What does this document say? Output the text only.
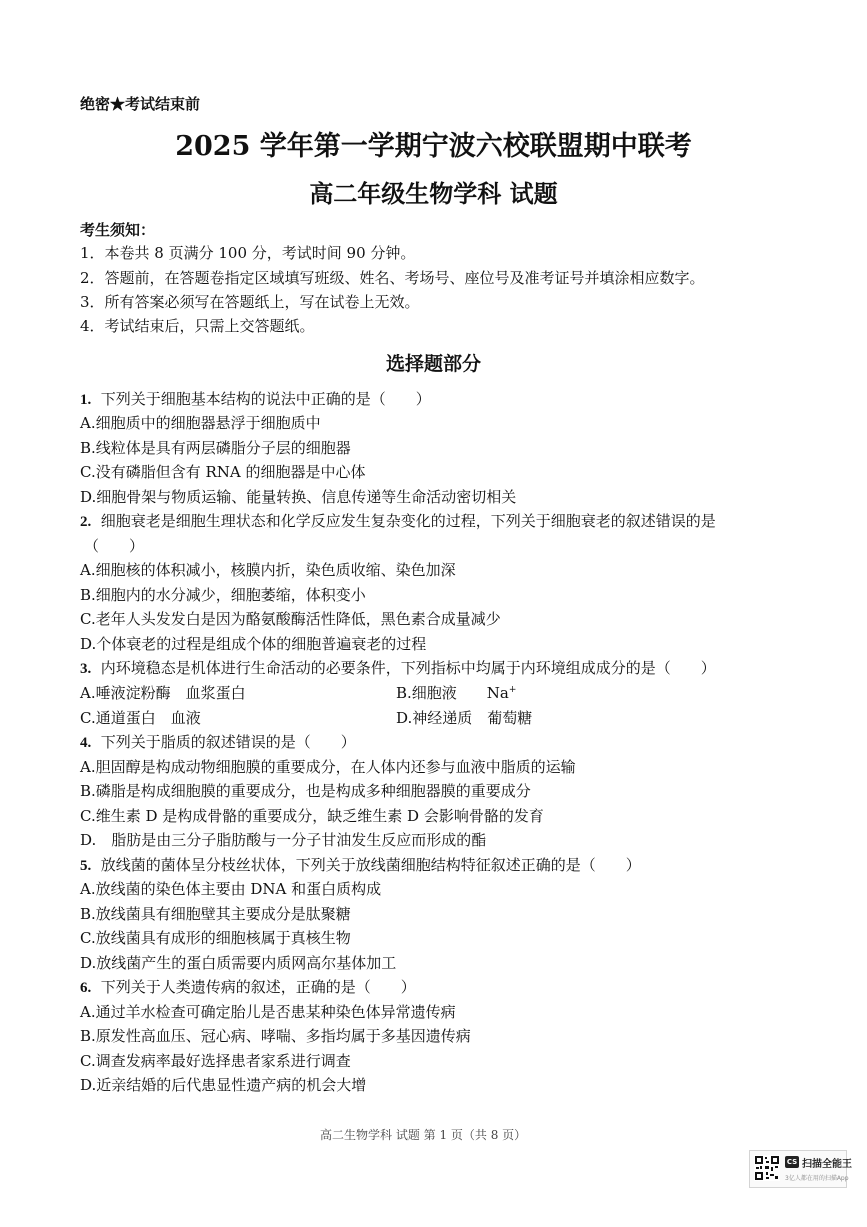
绝密★考试结束前
2025 学年第一学期宁波六校联盟期中联考
高二年级生物学科 试题
考生须知：
1．本卷共 8 页满分 100 分，考试时间 90 分钟。
2．答题前，在答题卷指定区域填写班级、姓名、考场号、座位号及准考证号并填涂相应数字。
3．所有答案必须写在答题纸上，写在试卷上无效。
4．考试结束后，只需上交答题纸。
选择题部分
1. 下列关于细胞基本结构的说法中正确的是（　　）
A.细胞质中的细胞器悬浮于细胞质中
B.线粒体是具有两层磷脂分子层的细胞器
C.没有磷脂但含有 RNA 的细胞器是中心体
D.细胞骨架与物质运输、能量转换、信息传递等生命活动密切相关
2. 细胞衰老是细胞生理状态和化学反应发生复杂变化的过程，下列关于细胞衰老的叙述错误的是
（　　）
A.细胞核的体积减小，核膜内折，染色质收缩、染色加深
B.细胞内的水分减少，细胞萎缩，体积变小
C.老年人头发发白是因为酪氨酸酶活性降低，黑色素合成量减少
D.个体衰老的过程是组成个体的细胞普遍衰老的过程
3. 内环境稳态是机体进行生命活动的必要条件，下列指标中均属于内环境组成成分的是（　　）
A.唾液淀粉酶　血浆蛋白	B.细胞液　　Na+
C.通道蛋白　血液	D.神经递质　葡萄糖
4. 下列关于脂质的叙述错误的是（　　）
A.胆固醇是构成动物细胞膜的重要成分，在人体内还参与血液中脂质的运输
B.磷脂是构成细胞膜的重要成分，也是构成多种细胞器膜的重要成分
C.维生素 D 是构成骨骼的重要成分，缺乏维生素 D 会影响骨骼的发育
D.　脂肪是由三分子脂肪酸与一分子甘油发生反应而形成的酯
5. 放线菌的菌体呈分枝丝状体，下列关于放线菌细胞结构特征叙述正确的是（　　）
A.放线菌的染色体主要由 DNA 和蛋白质构成
B.放线菌具有细胞壁其主要成分是肽聚糖
C.放线菌具有成形的细胞核属于真核生物
D.放线菌产生的蛋白质需要内质网高尔基体加工
6. 下列关于人类遗传病的叙述，正确的是（　　）
A.通过羊水检查可确定胎儿是否患某种染色体异常遗传病
B.原发性高血压、冠心病、哮喘、多指均属于多基因遗传病
C.调查发病率最好选择患者家系进行调查
D.近亲结婚的后代患显性遗产病的机会大增
高二生物学科 试题 第 1 页（共 8 页）
CS 扫描全能王
3亿人都在用的扫描App
